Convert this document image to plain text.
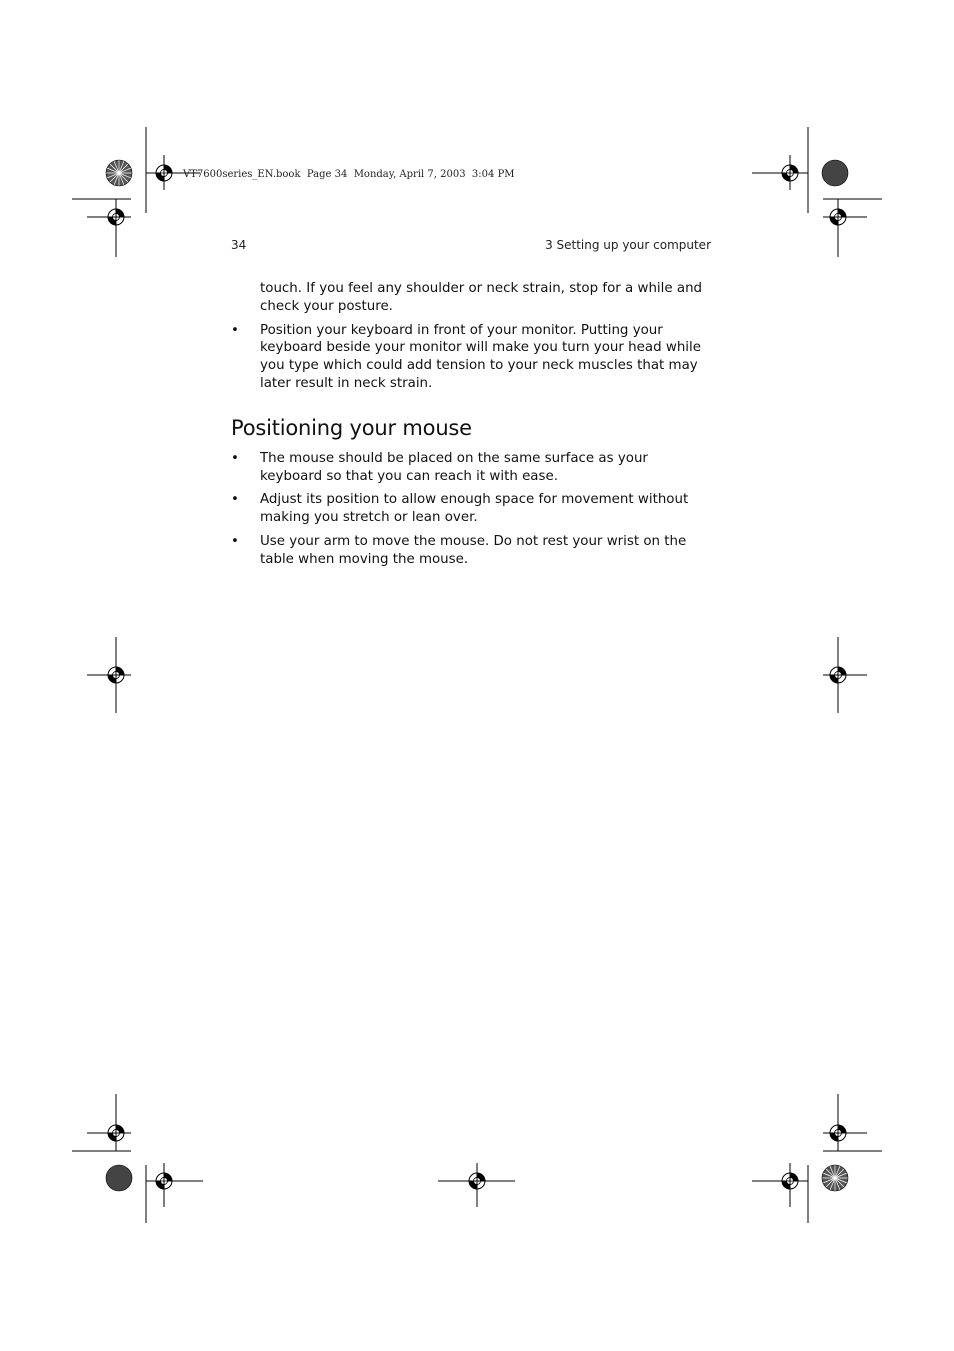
VT7600series_EN.book  Page 34  Monday, April 7, 2003  3:04 PM
34	3 Setting up your computer

touch. If you feel any shoulder or neck strain, stop for a while and check your posture.

• Position your keyboard in front of your monitor. Putting your keyboard beside your monitor will make you turn your head while you type which could add tension to your neck muscles that may later result in neck strain.
Positioning your mouse
• The mouse should be placed on the same surface as your keyboard so that you can reach it with ease.
• Adjust its position to allow enough space for movement without making you stretch or lean over.
• Use your arm to move the mouse. Do not rest your wrist on the table when moving the mouse.
